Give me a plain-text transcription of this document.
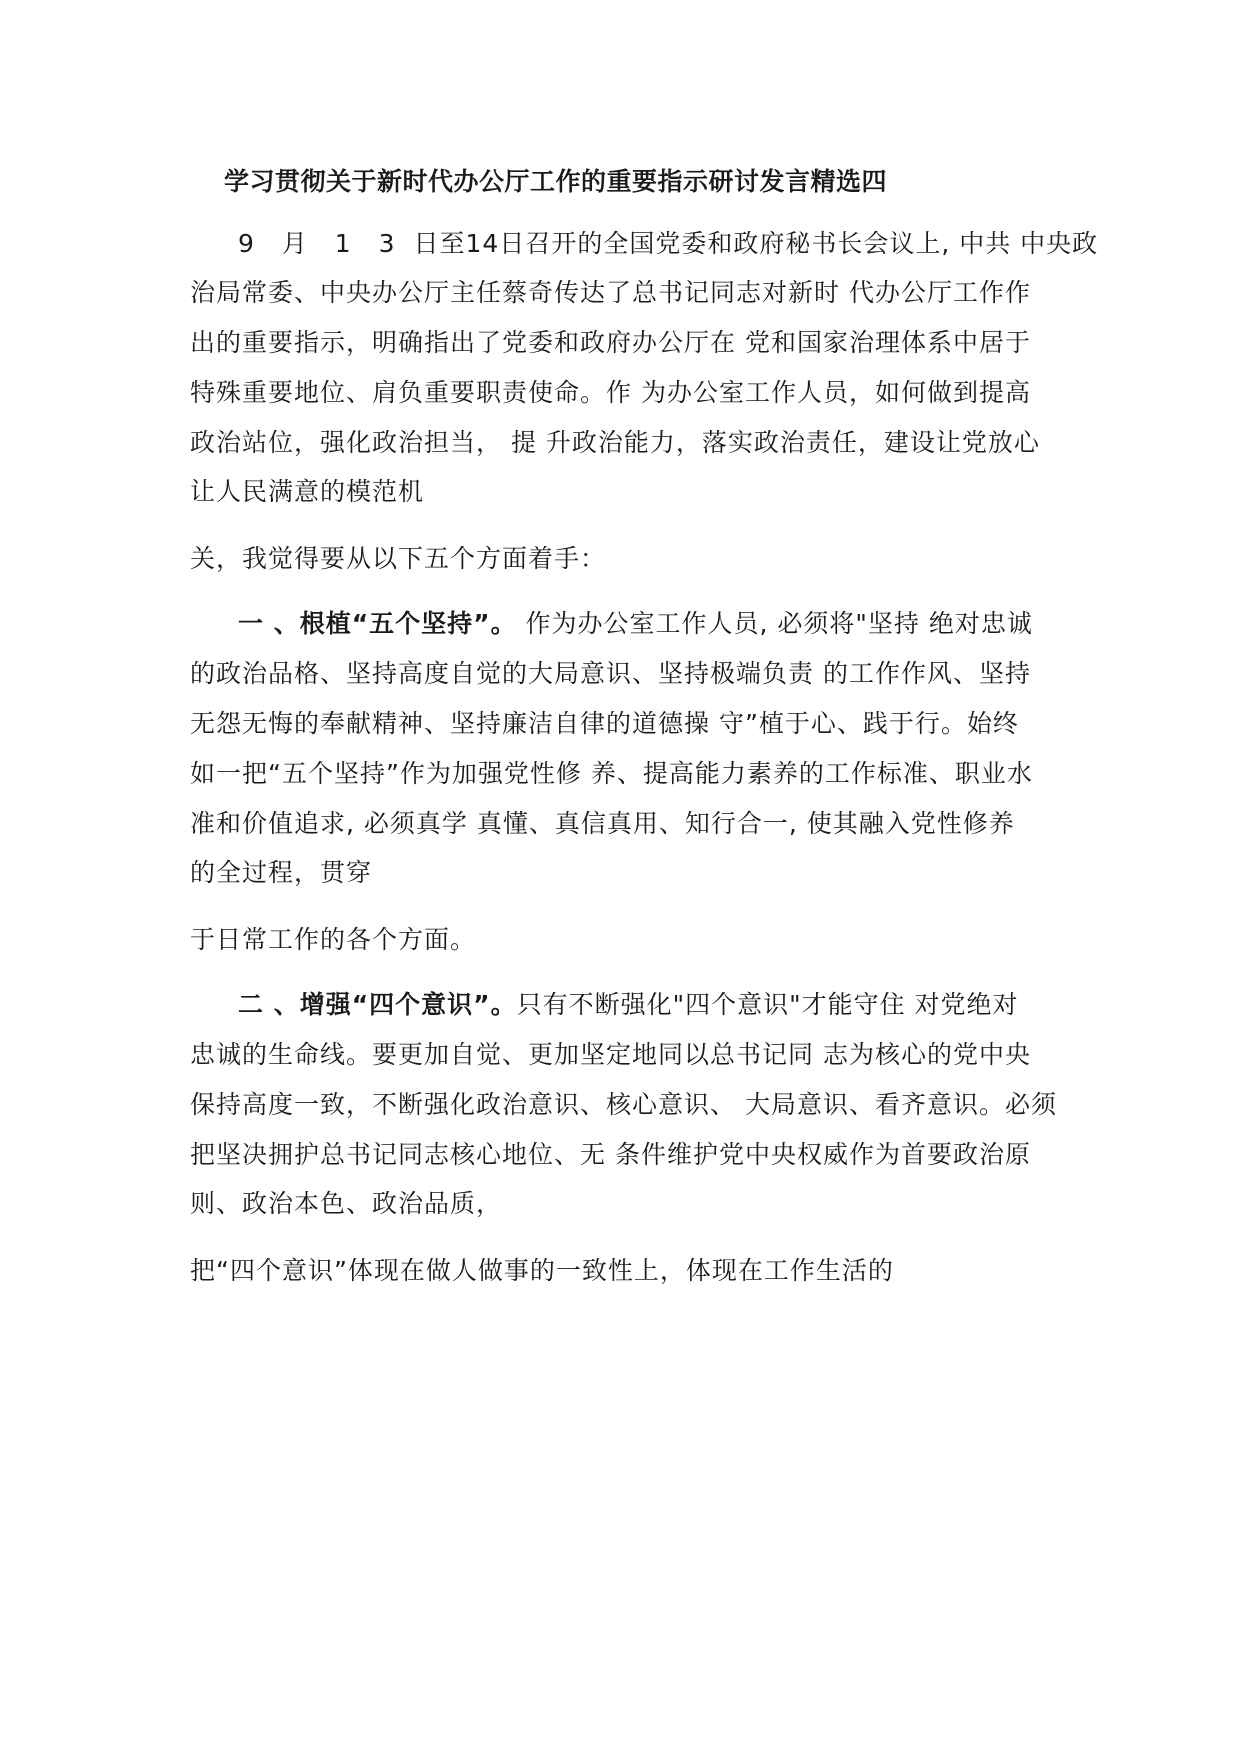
学习贯彻关于新时代办公厅工作的重要指示研讨发言精选四
9 月 1 3 日至14日召开的全国党委和政府秘书长会议上, 中共 中央政
治局常委、中央办公厅主任蔡奇传达了总书记同志对新时 代办公厅工作作
出的重要指示，明确指出了党委和政府办公厅在 党和国家治理体系中居于
特殊重要地位、肩负重要职责使命。作 为办公室工作人员，如何做到提高
政治站位，强化政治担当， 提 升政治能力，落实政治责任，建设让党放心
让人民满意的模范机
关，我觉得要从以下五个方面着手：
一 、根植“五个坚持”。 作为办公室工作人员, 必须将"坚持 绝对忠诚
的政治品格、坚持高度自觉的大局意识、坚持极端负责 的工作作风、坚持
无怨无悔的奉献精神、坚持廉洁自律的道德操 守”植于心、践于行。始终
如一把“五个坚持”作为加强党性修 养、提高能力素养的工作标准、职业水
准和价值追求, 必须真学 真懂、真信真用、知行合一, 使其融入党性修养
的全过程，贯穿
于日常工作的各个方面。
二 、增强“四个意识”。只有不断强化"四个意识"才能守住 对党绝对
忠诚的生命线。要更加自觉、更加坚定地同以总书记同 志为核心的党中央
保持高度一致，不断强化政治意识、核心意识、 大局意识、看齐意识。必须
把坚决拥护总书记同志核心地位、无 条件维护党中央权威作为首要政治原
则、政治本色、政治品质，
把“四个意识”体现在做人做事的一致性上，体现在工作生活的
